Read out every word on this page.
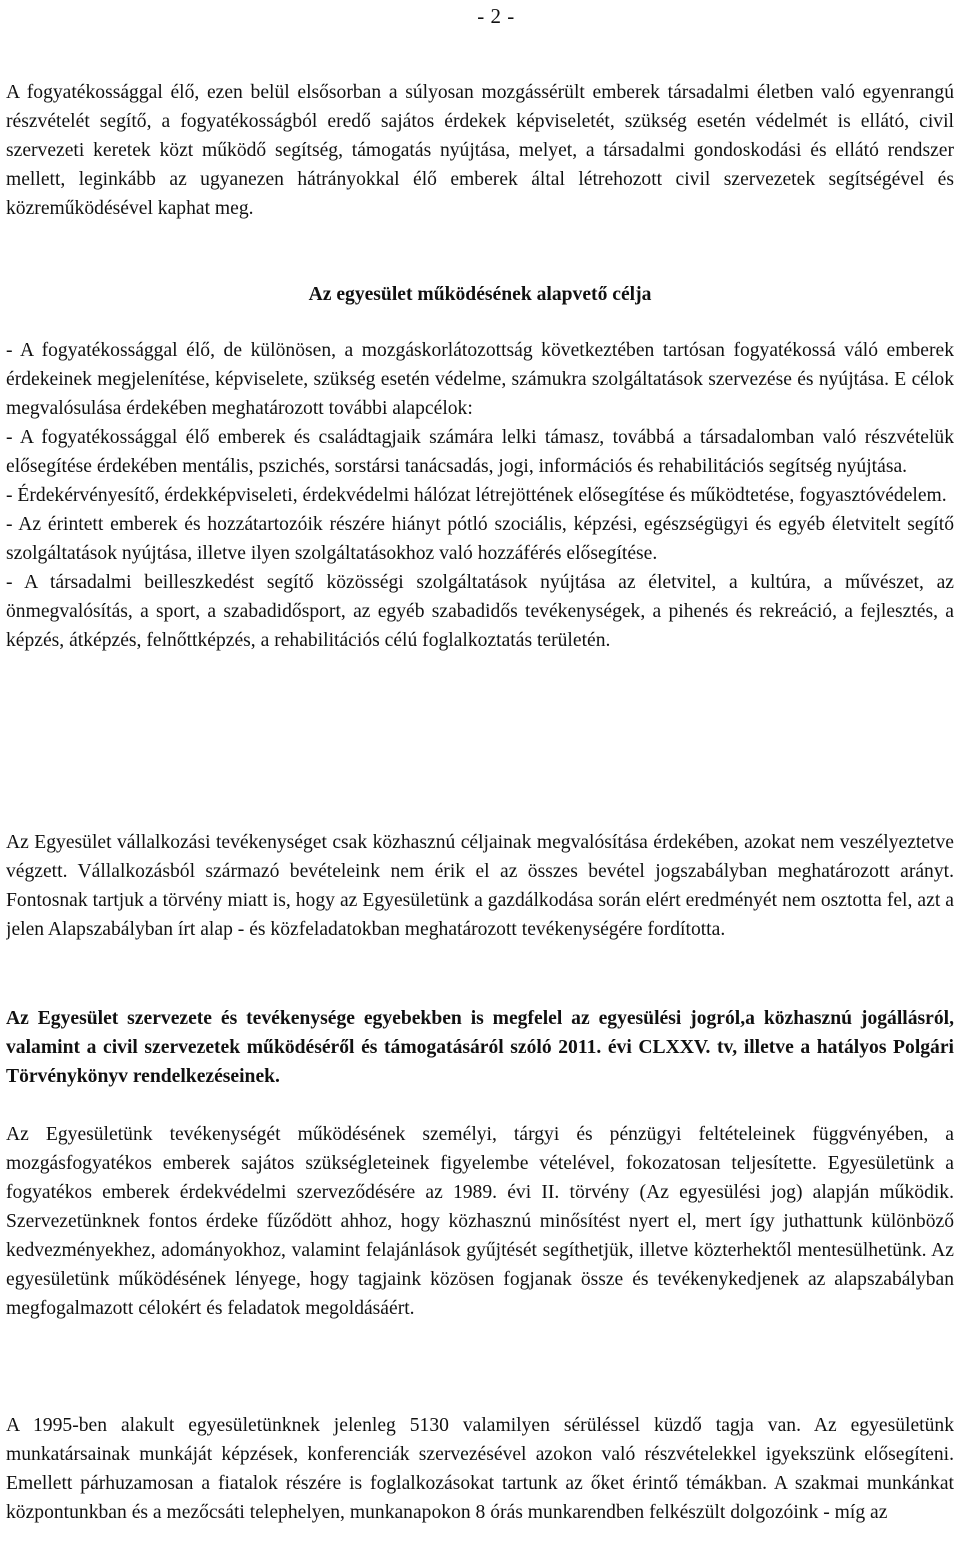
- 2 -

A fogyatékossággal élő, ezen belül elsősorban a súlyosan mozgássérült emberek társadalmi életben való egyenrangú részvételét segítő, a fogyatékosságból eredő sajátos érdekek képviseletét, szükség esetén védelmét is ellátó, civil szervezeti keretek közt működő segítség, támogatás nyújtása, melyet, a társadalmi gondoskodási és ellátó rendszer mellett, leginkább az ugyanezen hátrányokkal élő emberek által létrehozott civil szervezetek segítségével és közreműködésével kaphat meg.

Az egyesület működésének alapvető célja

- A fogyatékossággal élő, de különösen, a mozgáskorlátozottság következtében tartósan fogyatékossá váló emberek érdekeinek megjelenítése, képviselete, szükség esetén védelme, számukra szolgáltatások szervezése és nyújtása. E célok megvalósulása érdekében meghatározott további alapcélok:

- A fogyatékossággal élő emberek és családtagjaik számára lelki támasz, továbbá a társadalomban való részvételük elősegítése érdekében mentális, pszichés, sorstársi tanácsadás, jogi, információs és rehabilitációs segítség nyújtása.

- Érdekérvényesítő, érdekképviseleti, érdekvédelmi hálózat létrejöttének elősegítése és működtetése, fogyasztóvédelem.

- Az érintett emberek és hozzátartozóik részére hiányt pótló szociális, képzési, egészségügyi és egyéb életvitelt segítő szolgáltatások nyújtása, illetve ilyen szolgáltatásokhoz való hozzáférés elősegítése.

- A társadalmi beilleszkedést segítő közösségi szolgáltatások nyújtása az életvitel, a kultúra, a művészet, az önmegvalósítás, a sport, a szabadidősport, az egyéb szabadidős tevékenységek, a pihenés és rekreáció, a fejlesztés, a képzés, átképzés, felnőttképzés, a rehabilitációs célú foglalkoztatás területén.

Az Egyesület vállalkozási tevékenységet csak közhasznú céljainak megvalósítása érdekében, azokat nem veszélyeztetve végzett. Vállalkozásból származó bevételeink nem érik el az összes bevétel jogszabályban meghatározott arányt. Fontosnak tartjuk a törvény miatt is, hogy az Egyesületünk a gazdálkodása során elért eredményét nem osztotta fel, azt a jelen Alapszabályban írt alap - és közfeladatokban meghatározott tevékenységére fordította.

Az Egyesület szervezete és tevékenysége egyebekben is megfelel az egyesülési jogról,a közhasznú jogállásról, valamint a civil szervezetek működéséről és támogatásáról szóló 2011. évi CLXXV. tv, illetve a hatályos Polgári Törvénykönyv rendelkezéseinek.

Az Egyesületünk tevékenységét működésének személyi, tárgyi és pénzügyi feltételeinek függvényében, a mozgásfogyatékos emberek sajátos szükségleteinek figyelembe vételével, fokozatosan teljesítette. Egyesületünk a fogyatékos emberek érdekvédelmi szerveződésére az 1989. évi II. törvény (Az egyesülési jog) alapján működik. Szervezetünknek fontos érdeke fűződött ahhoz, hogy közhasznú minősítést nyert el, mert így juthattunk különböző kedvezményekhez, adományokhoz, valamint felajánlások gyűjtését segíthetjük, illetve közterhektől mentesülhetünk. Az egyesületünk működésének lényege, hogy tagjaink közösen fogjanak össze és tevékenykedjenek az alapszabályban megfogalmazott célokért és feladatok megoldásáért.

A 1995-ben alakult egyesületünknek jelenleg 5130 valamilyen sérüléssel küzdő tagja van. Az egyesületünk munkatársainak munkáját képzések, konferenciák szervezésével azokon való részvételekkel igyekszünk elősegíteni. Emellett párhuzamosan a fiatalok részére is foglalkozásokat tartunk az őket érintő témákban. A szakmai munkánkat központunkban és a mezőcsáti telephelyen, munkanapokon 8 órás munkarendben felkészült dolgozóink - míg az
